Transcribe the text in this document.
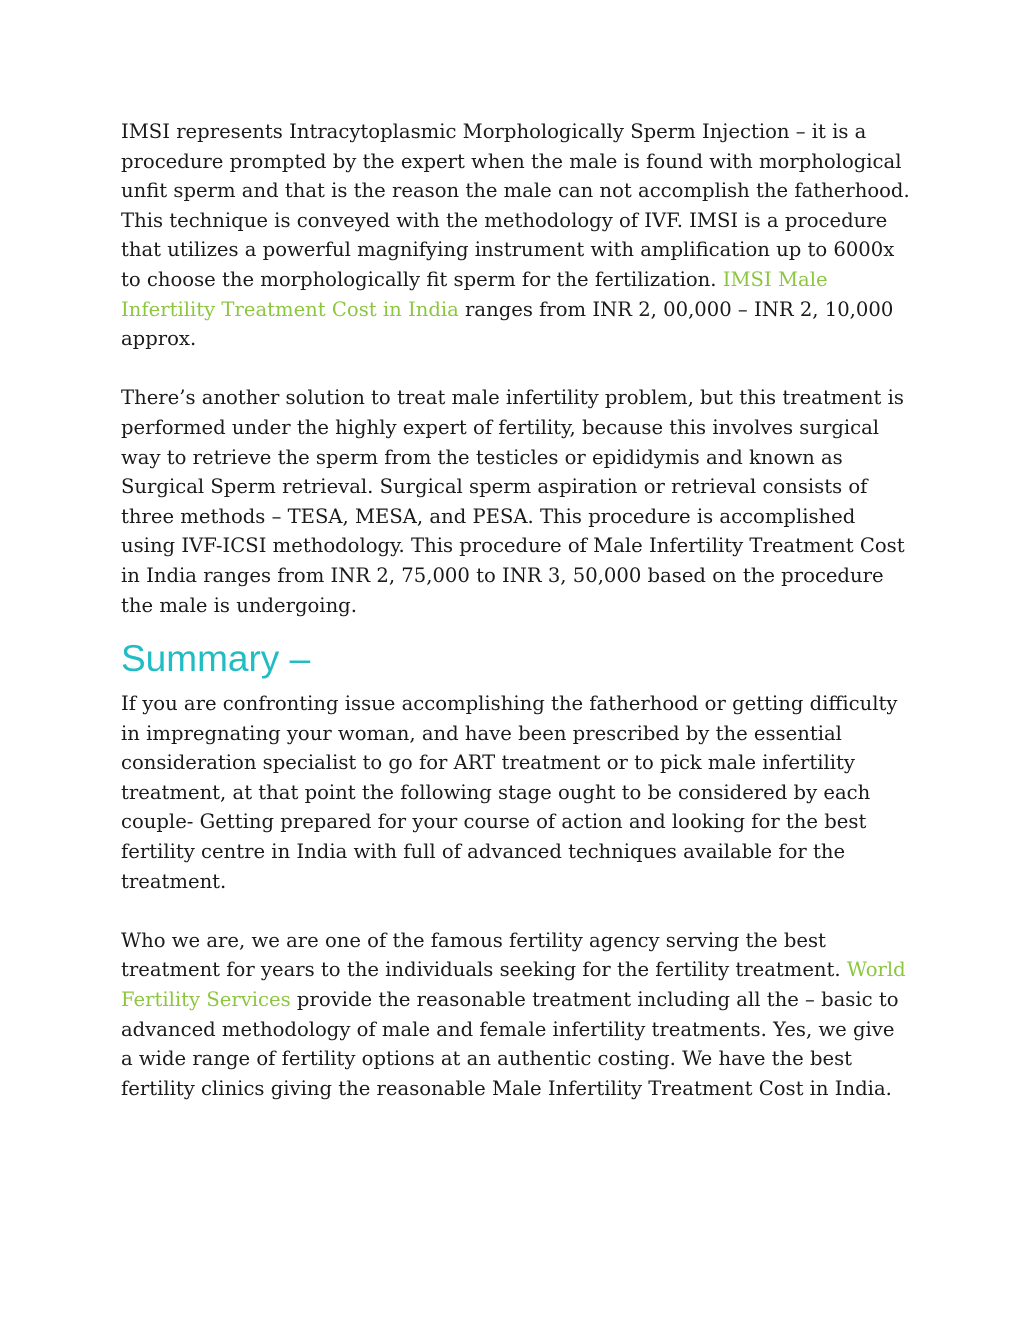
IMSI represents Intracytoplasmic Morphologically Sperm Injection – it is a procedure prompted by the expert when the male is found with morphological unfit sperm and that is the reason the male can not accomplish the fatherhood. This technique is conveyed with the methodology of IVF. IMSI is a procedure that utilizes a powerful magnifying instrument with amplification up to 6000x to choose the morphologically fit sperm for the fertilization. IMSI Male Infertility Treatment Cost in India ranges from INR 2, 00,000 – INR 2, 10,000 approx.

There’s another solution to treat male infertility problem, but this treatment is performed under the highly expert of fertility, because this involves surgical way to retrieve the sperm from the testicles or epididymis and known as Surgical Sperm retrieval. Surgical sperm aspiration or retrieval consists of three methods – TESA, MESA, and PESA. This procedure is accomplished using IVF-ICSI methodology. This procedure of Male Infertility Treatment Cost in India ranges from INR 2, 75,000 to INR 3, 50,000 based on the procedure the male is undergoing.

Summary –

If you are confronting issue accomplishing the fatherhood or getting difficulty in impregnating your woman, and have been prescribed by the essential consideration specialist to go for ART treatment or to pick male infertility treatment, at that point the following stage ought to be considered by each couple- Getting prepared for your course of action and looking for the best fertility centre in India with full of advanced techniques available for the treatment.

Who we are, we are one of the famous fertility agency serving the best treatment for years to the individuals seeking for the fertility treatment. World Fertility Services provide the reasonable treatment including all the – basic to advanced methodology of male and female infertility treatments. Yes, we give a wide range of fertility options at an authentic costing. We have the best fertility clinics giving the reasonable Male Infertility Treatment Cost in India.
